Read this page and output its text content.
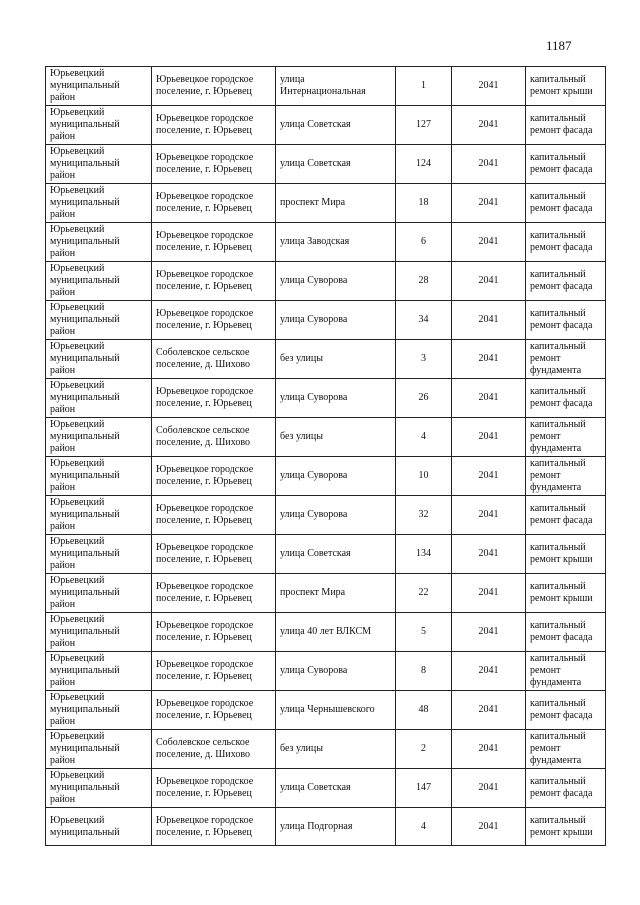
1187
Юрьевецкий муниципальный район	Юрьевецкое городское поселение, г. Юрьевец	улица Интернациональная	1	2041	капитальный ремонт крыши
Юрьевецкий муниципальный район	Юрьевецкое городское поселение, г. Юрьевец	улица Советская	127	2041	капитальный ремонт фасада
Юрьевецкий муниципальный район	Юрьевецкое городское поселение, г. Юрьевец	улица Советская	124	2041	капитальный ремонт фасада
Юрьевецкий муниципальный район	Юрьевецкое городское поселение, г. Юрьевец	проспект Мира	18	2041	капитальный ремонт фасада
Юрьевецкий муниципальный район	Юрьевецкое городское поселение, г. Юрьевец	улица Заводская	6	2041	капитальный ремонт фасада
Юрьевецкий муниципальный район	Юрьевецкое городское поселение, г. Юрьевец	улица Суворова	28	2041	капитальный ремонт фасада
Юрьевецкий муниципальный район	Юрьевецкое городское поселение, г. Юрьевец	улица Суворова	34	2041	капитальный ремонт фасада
Юрьевецкий муниципальный район	Соболевское сельское поселение, д. Шихово	без улицы	3	2041	капитальный ремонт фундамента
Юрьевецкий муниципальный район	Юрьевецкое городское поселение, г. Юрьевец	улица Суворова	26	2041	капитальный ремонт фасада
Юрьевецкий муниципальный район	Соболевское сельское поселение, д. Шихово	без улицы	4	2041	капитальный ремонт фундамента
Юрьевецкий муниципальный район	Юрьевецкое городское поселение, г. Юрьевец	улица Суворова	10	2041	капитальный ремонт фундамента
Юрьевецкий муниципальный район	Юрьевецкое городское поселение, г. Юрьевец	улица Суворова	32	2041	капитальный ремонт фасада
Юрьевецкий муниципальный район	Юрьевецкое городское поселение, г. Юрьевец	улица Советская	134	2041	капитальный ремонт крыши
Юрьевецкий муниципальный район	Юрьевецкое городское поселение, г. Юрьевец	проспект Мира	22	2041	капитальный ремонт крыши
Юрьевецкий муниципальный район	Юрьевецкое городское поселение, г. Юрьевец	улица 40 лет ВЛКСМ	5	2041	капитальный ремонт фасада
Юрьевецкий муниципальный район	Юрьевецкое городское поселение, г. Юрьевец	улица Суворова	8	2041	капитальный ремонт фундамента
Юрьевецкий муниципальный район	Юрьевецкое городское поселение, г. Юрьевец	улица Чернышевского	48	2041	капитальный ремонт фасада
Юрьевецкий муниципальный район	Соболевское сельское поселение, д. Шихово	без улицы	2	2041	капитальный ремонт фундамента
Юрьевецкий муниципальный район	Юрьевецкое городское поселение, г. Юрьевец	улица Советская	147	2041	капитальный ремонт фасада
Юрьевецкий муниципальный	Юрьевецкое городское поселение, г. Юрьевец	улица Подгорная	4	2041	капитальный ремонт крыши
